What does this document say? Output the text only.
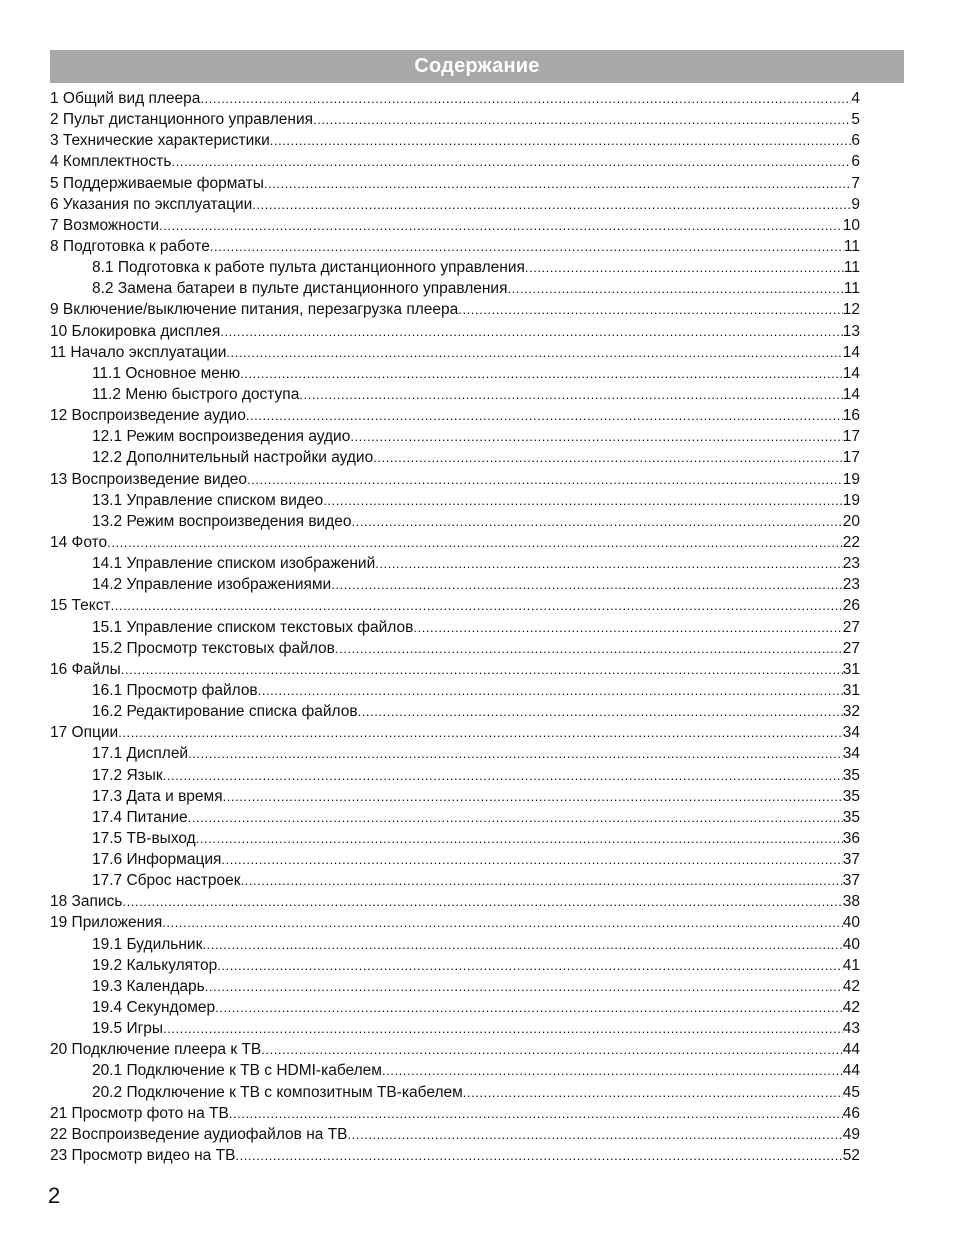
Содержание
1 Общий вид плеера .....	4
2 Пульт дистанционного управления .....	5
3 Технические характеристики .....	6
4 Комплектность .....	6
5 Поддерживаемые форматы .....	7
6 Указания по эксплуатации .....	9
7 Возможности .....	10
8 Подготовка к работе .....	11
8.1 Подготовка к работе пульта дистанционного управления .....	11
8.2 Замена батареи в пульте дистанционного управления .....	11
9 Включение/выключение питания, перезагрузка плеера .....	12
10 Блокировка дисплея .....	13
11 Начало эксплуатации .....	14
11.1 Основное меню .....	14
11.2 Меню быстрого доступа .....	14
12 Воспроизведение аудио .....	16
12.1 Режим воспроизведения аудио .....	17
12.2 Дополнительный настройки аудио .....	17
13 Воспроизведение видео .....	19
13.1 Управление списком видео .....	19
13.2 Режим воспроизведения видео .....	20
14 Фото .....	22
14.1 Управление списком изображений .....	23
14.2 Управление изображениями .....	23
15 Текст .....	26
15.1 Управление списком текстовых файлов .....	27
15.2 Просмотр текстовых файлов .....	27
16 Файлы .....	31
16.1 Просмотр файлов .....	31
16.2 Редактирование списка файлов .....	32
17 Опции .....	34
17.1 Дисплей .....	34
17.2 Язык .....	35
17.3 Дата и время .....	35
17.4 Питание .....	35
17.5 ТВ-выход .....	36
17.6 Информация .....	37
17.7 Сброс настроек .....	37
18 Запись .....	38
19 Приложения .....	40
19.1 Будильник .....	40
19.2 Калькулятор .....	41
19.3 Календарь .....	42
19.4 Секундомер .....	42
19.5 Игры .....	43
20 Подключение плеера к ТВ .....	44
20.1 Подключение к ТВ с HDMI-кабелем .....	44
20.2 Подключение к ТВ с композитным ТВ-кабелем .....	45
21 Просмотр фото на ТВ .....	46
22 Воспроизведение аудиофайлов на ТВ .....	49
23 Просмотр видео на ТВ .....	52
2
